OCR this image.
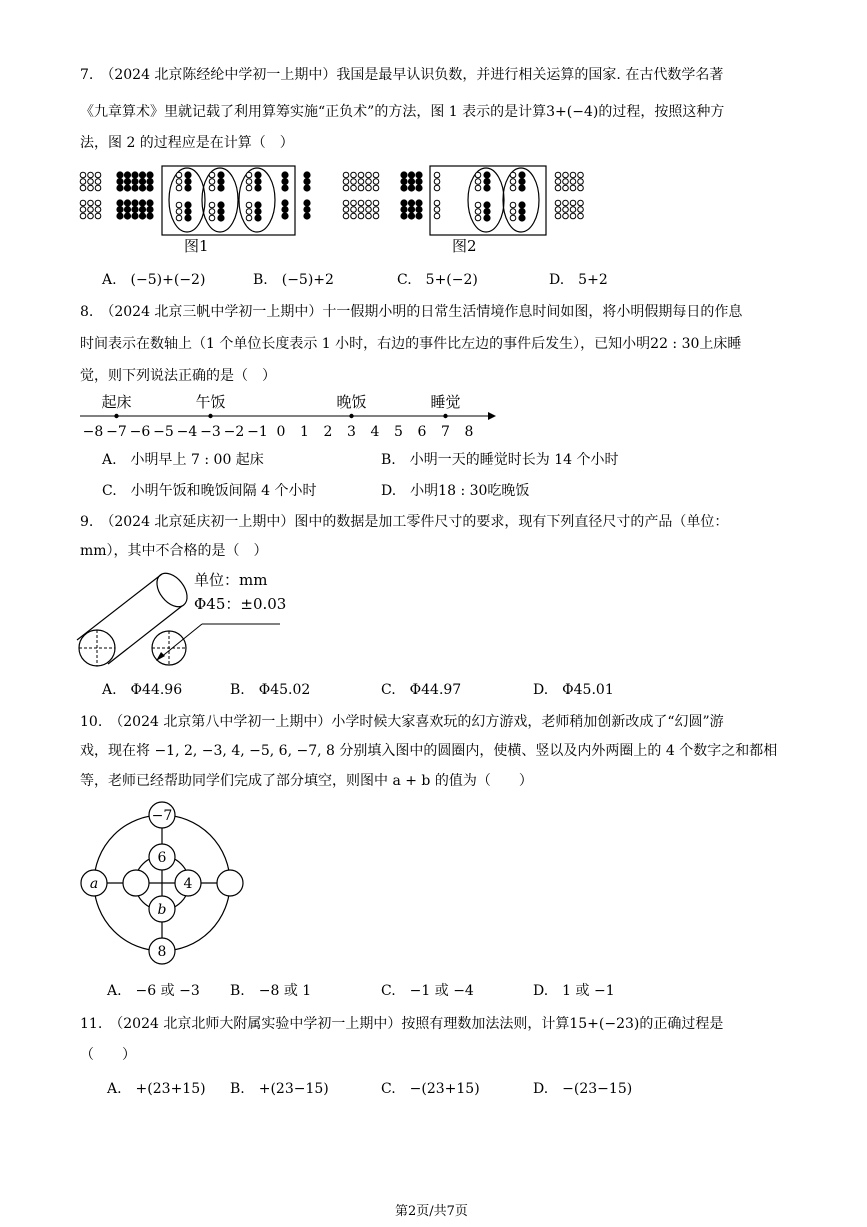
7.　（2024 北京陈经纶中学初一上期中）我国是最早认识负数，并进行相关运算的国家. 在古代数学名著
《九章算术》里就记载了利用算筹实施“正负术”的方法，图 1 表示的是计算3+(−4)的过程，按照这种方
法，图 2 的过程应是在计算（　）
图1	图2
A.　(−5)+(−2)	B.　(−5)+2	C.　5+(−2)	D.　5+2
8.　（2024 北京三帆中学初一上期中）十一假期小明的日常生活情境作息时间如图，将小明假期每日的作息
时间表示在数轴上（1 个单位长度表示 1 小时，右边的事件比左边的事件后发生），已知小明22 : 30上床睡
觉，则下列说法正确的是（　）
−8 −7 −6 −5 −4 −3 −2 −1 0 1 2 3 4 5 6 7 8
起床	午饭	晚饭	睡觉
A.　小明早上 7 : 00 起床	B.　小明一天的睡觉时长为 14 个小时
C.　小明午饭和晚饭间隔 4 个小时	D.　小明18 : 30吃晚饭
9.　（2024 北京延庆初一上期中）图中的数据是加工零件尺寸的要求，现有下列直径尺寸的产品（单位：
mm），其中不合格的是（　）
单位：mm
Φ45：±0.03
A.　Φ44.96	B.　Φ45.02	C.　Φ44.97	D.　Φ45.01
10.　（2024 北京第八中学初一上期中）小学时候大家喜欢玩的幻方游戏，老师稍加创新改成了“幻圆”游
戏，现在将 −1, 2, −3, 4, −5, 6, −7, 8 分别填入图中的圆圈内，使横、竖以及内外两圈上的 4 个数字之和都相
等，老师已经帮助同学们完成了部分填空，则图中 a + b 的值为（　　）
−7
6
a	4
b
8
A.　−6 或 −3 B.　−8 或 1	C.　−1 或 −4	D.　1 或 −1
11.　（2024 北京北师大附属实验中学初一上期中）按照有理数加法法则，计算15+(−23)的正确过程是
（　　）
A.　+(23+15) B.　+(23−15)	C.　−(23+15)	D.　−(23−15)
第2页/共7页
